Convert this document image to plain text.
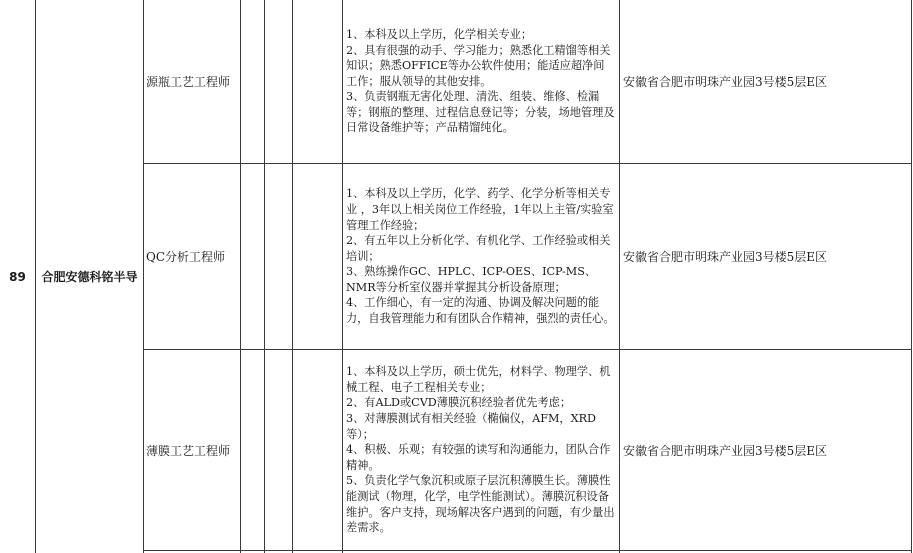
89	合肥安德科铭半导
源瓶工艺工程师
1、本科及以上学历，化学相关专业；
2、具有很强的动手、学习能力；熟悉化工精馏等相关知识；熟悉OFFICE等办公软件使用；能适应超净间工作；服从领导的其他安排。
3、负责钢瓶无害化处理、清洗、组装、维修、检漏等；钢瓶的整理、过程信息登记等；分装，场地管理及日常设备维护等；产品精馏纯化。
安徽省合肥市明珠产业园3号楼5层E区
QC分析工程师
1、本科及以上学历，化学、药学、化学分析等相关专业 ，3年以上相关岗位工作经验，1年以上主管/实验室管理工作经验；
2、有五年以上分析化学、有机化学、工作经验或相关培训；
3、熟练操作GC、HPLC、ICP-OES、ICP-MS、NMR等分析室仪器并掌握其分析设备原理；
4、工作细心，有一定的沟通、协调及解决问题的能力，自我管理能力和有团队合作精神，强烈的责任心。
安徽省合肥市明珠产业园3号楼5层E区
薄膜工艺工程师
1、本科及以上学历，硕士优先，材料学、物理学、机械工程、电子工程相关专业；
2、有ALD或CVD薄膜沉积经验者优先考虑；
3、对薄膜测试有相关经验（椭偏仪，AFM，XRD等）；
4、积极、乐观；有较强的读写和沟通能力，团队合作精神。
5、负责化学气象沉积或原子层沉积薄膜生长。薄膜性能测试（物理，化学，电学性能测试）。薄膜沉积设备维护。客户支持，现场解决客户遇到的问题，有少量出差需求。
安徽省合肥市明珠产业园3号楼5层E区
